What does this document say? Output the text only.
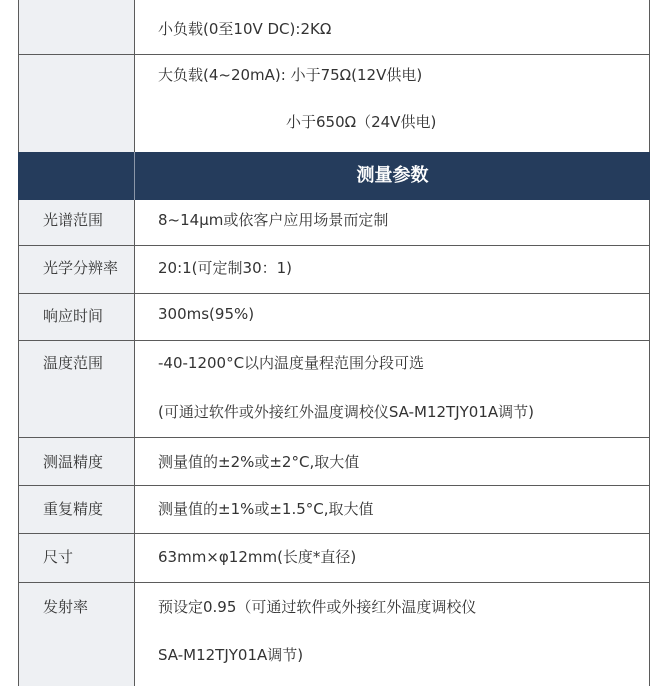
小负载(0至10V DC):2KΩ
大负载(4~20mA): 小于75Ω(12V供电)
小于650Ω（24V供电)
测量参数
光谱范围	8~14μm或依客户应用场景而定制
光学分辨率	20:1(可定制30：1)
响应时间	300ms(95%)
温度范围	-40-1200°C以内温度量程范围分段可选
(可通过软件或外接红外温度调校仪SA-M12TJY01A调节)
测温精度	测量值的±2%或±2°C,取大值
重复精度	测量值的±1%或±1.5°C,取大值
尺寸	63mm×φ12mm(长度*直径)
发射率	预设定0.95（可通过软件或外接红外温度调校仪
SA-M12TJY01A调节)
